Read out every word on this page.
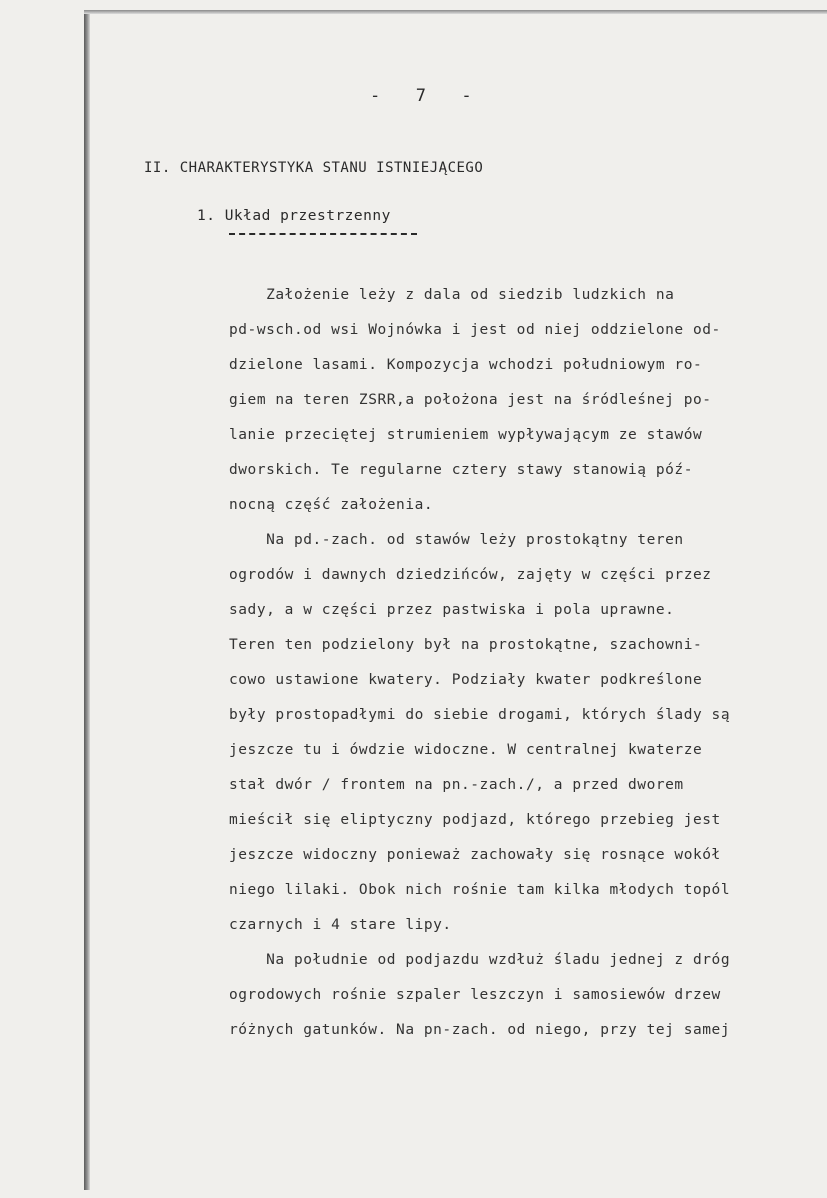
-  7  -
II. CHARAKTERYSTYKA STANU ISTNIEJĄCEGO
1. Układ przestrzenny
Założenie leży z dala od siedzib ludzkich na
pd-wsch.od wsi Wojnówka i jest od niej oddzielone od-
dzielone lasami. Kompozycja wchodzi południowym ro-
giem na teren ZSRR,a położona jest na śródleśnej po-
lanie przeciętej strumieniem wypływającym ze stawów
dworskich. Te regularne cztery stawy stanowią póź-
nocną część założenia.
Na pd.-zach. od stawów leży prostokątny teren
ogrodów i dawnych dziedzińców, zajęty w części przez
sady, a w części przez pastwiska i pola uprawne.
Teren ten podzielony był na prostokątne, szachowni-
cowo ustawione kwatery. Podziały kwater podkreślone
były prostopadłymi do siebie drogami, których ślady są
jeszcze tu i ówdzie widoczne. W centralnej kwaterze
stał dwór / frontem na pn.-zach./, a przed dworem
mieścił się eliptyczny podjazd, którego przebieg jest
jeszcze widoczny ponieważ zachowały się rosnące wokół
niego lilaki. Obok nich rośnie tam kilka młodych topól
czarnych i 4 stare lipy.
Na południe od podjazdu wzdłuż śladu jednej z dróg
ogrodowych rośnie szpaler leszczyn i samosiewów drzew
różnych gatunków. Na pn-zach. od niego, przy tej samej
